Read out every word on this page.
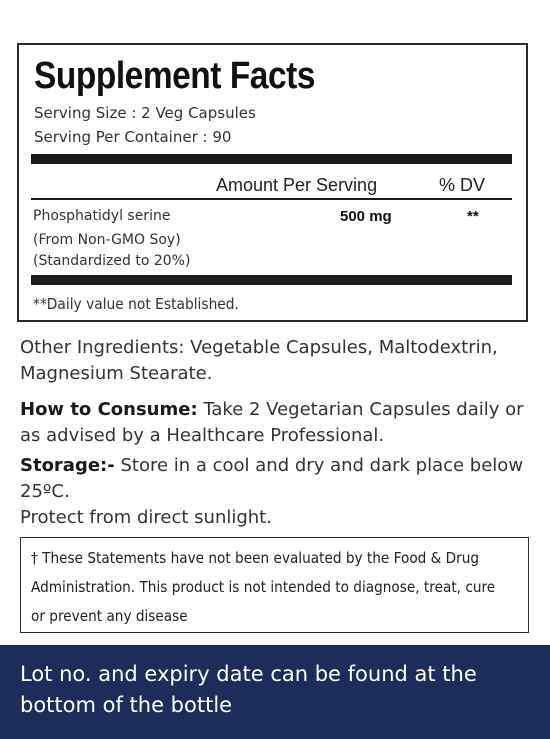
Supplement Facts
Serving Size : 2 Veg Capsules
Serving Per Container : 90
Amount Per Serving	% DV
Phosphatidyl serine	500 mg	**
(From Non-GMO Soy)
(Standardized to 20%)
**Daily value not Established.
Other Ingredients: Vegetable Capsules, Maltodextrin, Magnesium Stearate.
How to Consume: Take 2 Vegetarian Capsules daily or as advised by a Healthcare Professional.
Storage:- Store in a cool and dry and dark place below 25ºC.
Protect from direct sunlight.
† These Statements have not been evaluated by the Food & Drug Administration. This product is not intended to diagnose, treat, cure or prevent any disease
Lot no. and expiry date can be found at the bottom of the bottle
